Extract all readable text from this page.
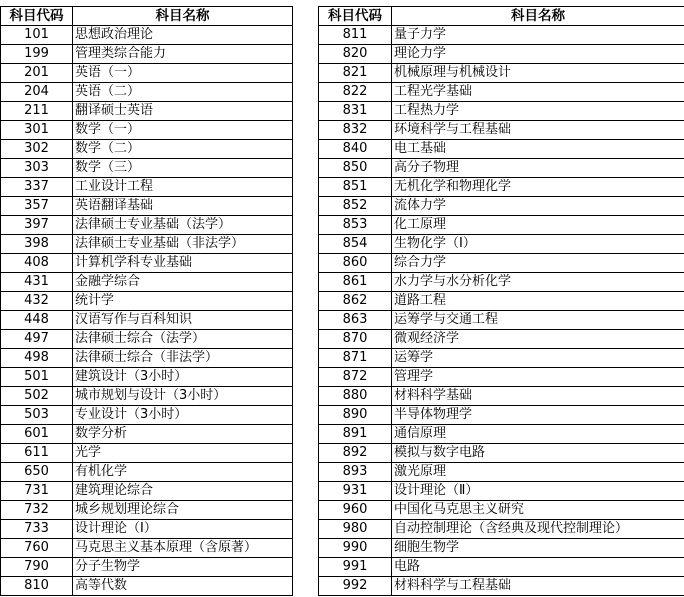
科目代码	科目名称
101	思想政治理论
199	管理类综合能力
201	英语（一）
204	英语（二）
211	翻译硕士英语
301	数学（一）
302	数学（二）
303	数学（三）
337	工业设计工程
357	英语翻译基础
397	法律硕士专业基础（法学）
398	法律硕士专业基础（非法学）
408	计算机学科专业基础
431	金融学综合
432	统计学
448	汉语写作与百科知识
497	法律硕士综合（法学）
498	法律硕士综合（非法学）
501	建筑设计（3小时）
502	城市规划与设计（3小时）
503	专业设计（3小时）
601	数学分析
611	光学
650	有机化学
731	建筑理论综合
732	城乡规划理论综合
733	设计理论（Ⅰ）
760	马克思主义基本原理（含原著）
790	分子生物学
810	高等代数
科目代码	科目名称
811	量子力学
820	理论力学
821	机械原理与机械设计
822	工程光学基础
831	工程热力学
832	环境科学与工程基础
840	电工基础
850	高分子物理
851	无机化学和物理化学
852	流体力学
853	化工原理
854	生物化学（Ⅰ）
860	综合力学
861	水力学与水分析化学
862	道路工程
863	运筹学与交通工程
870	微观经济学
871	运筹学
872	管理学
880	材料科学基础
890	半导体物理学
891	通信原理
892	模拟与数字电路
893	激光原理
931	设计理论（Ⅱ）
960	中国化马克思主义研究
980	自动控制理论（含经典及现代控制理论）
990	细胞生物学
991	电路
992	材料科学与工程基础
